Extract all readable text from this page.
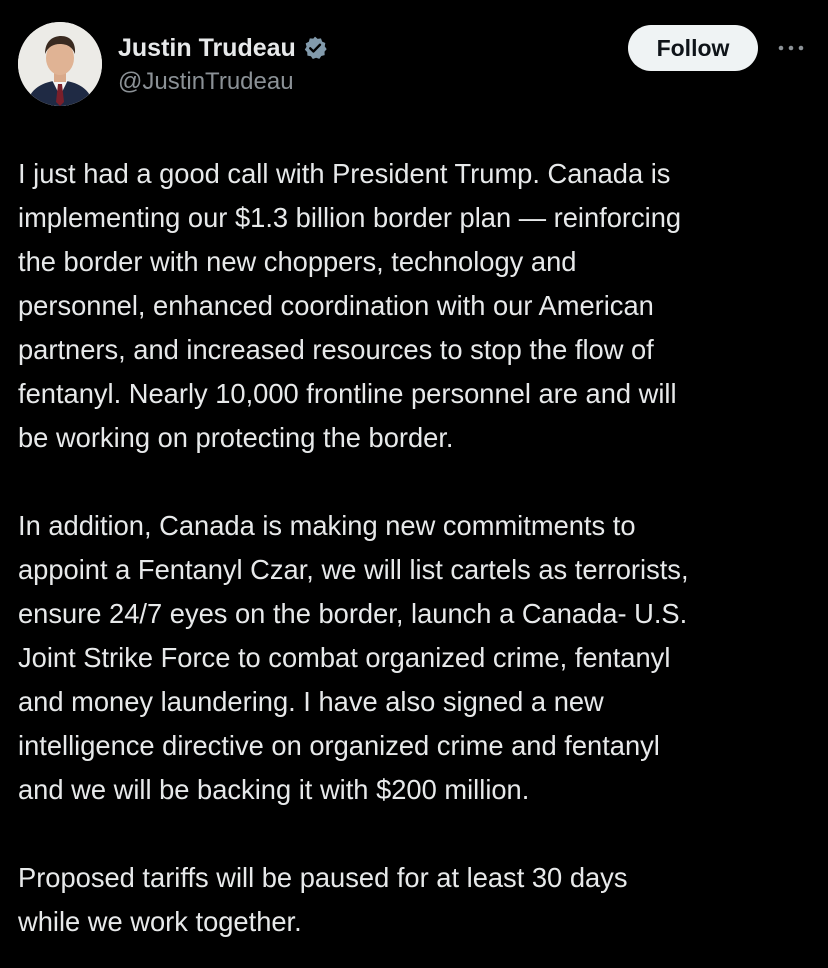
Justin Trudeau
@JustinTrudeau
Follow

I just had a good call with President Trump. Canada is
implementing our $1.3 billion border plan — reinforcing
the border with new choppers, technology and
personnel, enhanced coordination with our American
partners, and increased resources to stop the flow of
fentanyl. Nearly 10,000 frontline personnel are and will
be working on protecting the border.

In addition, Canada is making new commitments to
appoint a Fentanyl Czar, we will list cartels as terrorists,
ensure 24/7 eyes on the border, launch a Canada- U.S.
Joint Strike Force to combat organized crime, fentanyl
and money laundering. I have also signed a new
intelligence directive on organized crime and fentanyl
and we will be backing it with $200 million.

Proposed tariffs will be paused for at least 30 days
while we work together.
